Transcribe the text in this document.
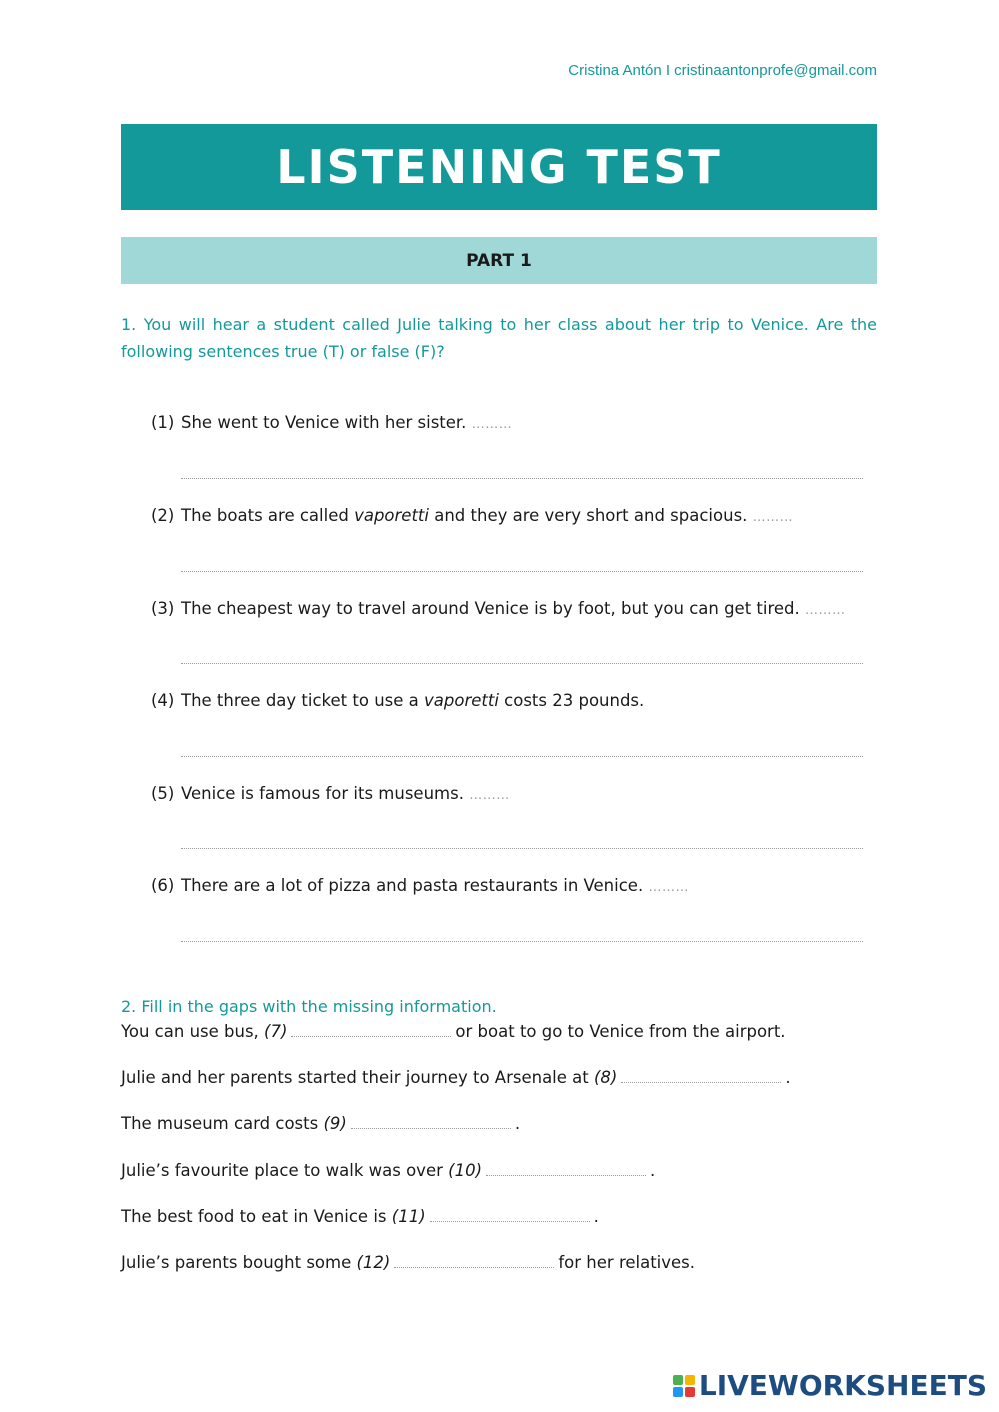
Cristina Antón I cristinaantonprofe@gmail.com
LISTENING TEST
PART 1
1. You will hear a student called Julie talking to her class about her trip to Venice. Are the following sentences true (T) or false (F)?
(1) She went to Venice with her sister. ………
(2) The boats are called vaporetti and they are very short and spacious. ………
(3) The cheapest way to travel around Venice is by foot, but you can get tired. ………
(4) The three day ticket to use a vaporetti costs 23 pounds.
(5) Venice is famous for its museums. ………
(6) There are a lot of pizza and pasta restaurants in Venice. ………
2. Fill in the gaps with the missing information.
You can use bus, (7)	or boat to go to Venice from the airport.
Julie and her parents started their journey to Arsenale at (8)	.
The museum card costs (9)	.
Julie’s favourite place to walk was over (10)	.
The best food to eat in Venice is (11)	.
Julie’s parents bought some (12)	for her relatives.
LIVEWORKSHEETS
